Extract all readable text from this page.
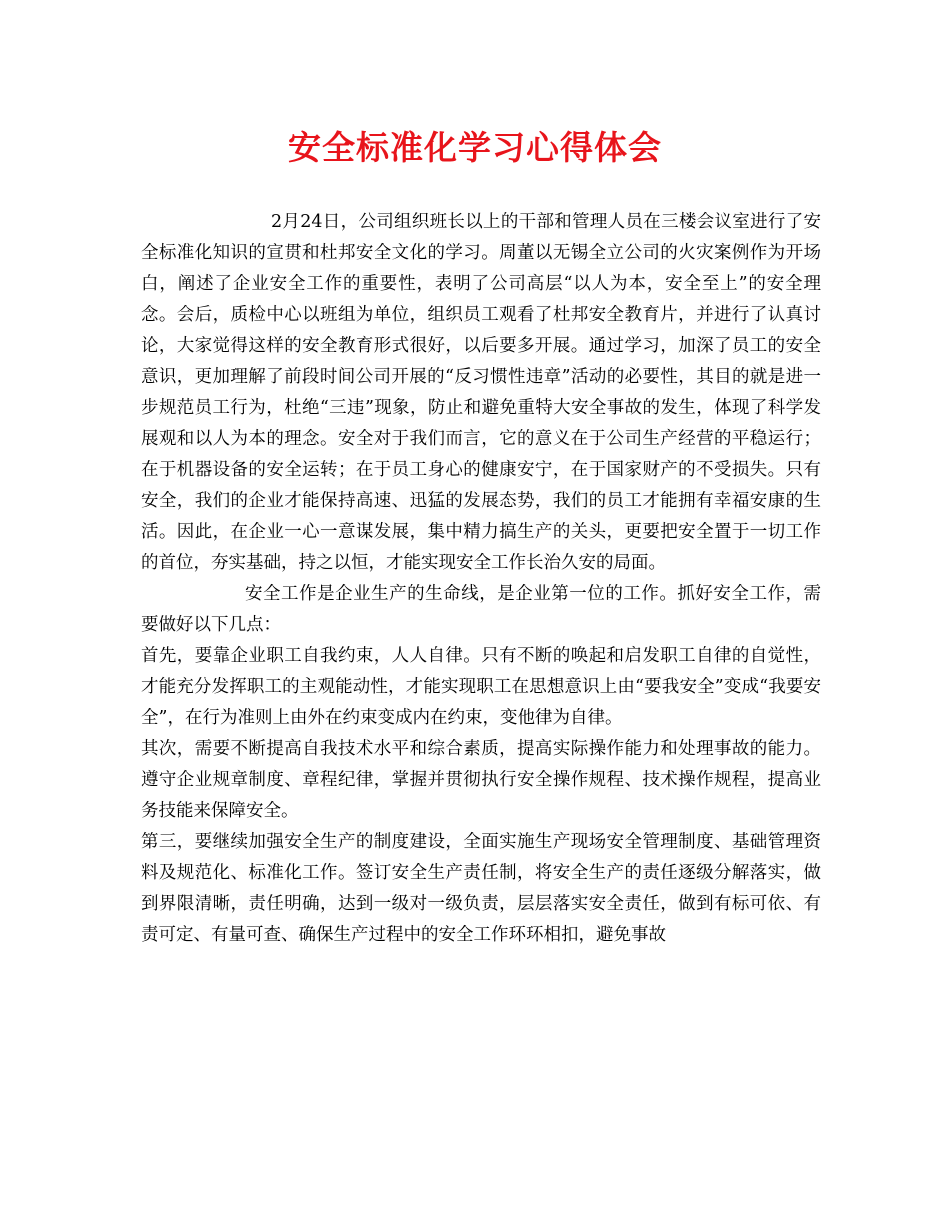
安全标准化学习心得体会

2月24日，公司组织班长以上的干部和管理人员在三楼会议室进行了安全标准化知识的宣贯和杜邦安全文化的学习。周董以无锡全立公司的火灾案例作为开场白，阐述了企业安全工作的重要性，表明了公司高层“以人为本，安全至上”的安全理念。会后，质检中心以班组为单位，组织员工观看了杜邦安全教育片，并进行了认真讨论，大家觉得这样的安全教育形式很好，以后要多开展。通过学习，加深了员工的安全意识，更加理解了前段时间公司开展的“反习惯性违章”活动的必要性，其目的就是进一步规范员工行为，杜绝“三违”现象，防止和避免重特大安全事故的发生，体现了科学发展观和以人为本的理念。安全对于我们而言，它的意义在于公司生产经营的平稳运行；在于机器设备的安全运转；在于员工身心的健康安宁，在于国家财产的不受损失。只有安全，我们的企业才能保持高速、迅猛的发展态势，我们的员工才能拥有幸福安康的生活。因此，在企业一心一意谋发展，集中精力搞生产的关头，更要把安全置于一切工作的首位，夯实基础，持之以恒，才能实现安全工作长治久安的局面。

安全工作是企业生产的生命线，是企业第一位的工作。抓好安全工作，需要做好以下几点：

首先，要靠企业职工自我约束，人人自律。只有不断的唤起和启发职工自律的自觉性，才能充分发挥职工的主观能动性，才能实现职工在思想意识上由“要我安全”变成“我要安全”，在行为准则上由外在约束变成内在约束，变他律为自律。

其次，需要不断提高自我技术水平和综合素质，提高实际操作能力和处理事故的能力。遵守企业规章制度、章程纪律，掌握并贯彻执行安全操作规程、技术操作规程，提高业务技能来保障安全。

第三，要继续加强安全生产的制度建设，全面实施生产现场安全管理制度、基础管理资料及规范化、标准化工作。签订安全生产责任制，将安全生产的责任逐级分解落实，做到界限清晰，责任明确，达到一级对一级负责，层层落实安全责任，做到有标可依、有责可定、有量可查、确保生产过程中的安全工作环环相扣，避免事故
